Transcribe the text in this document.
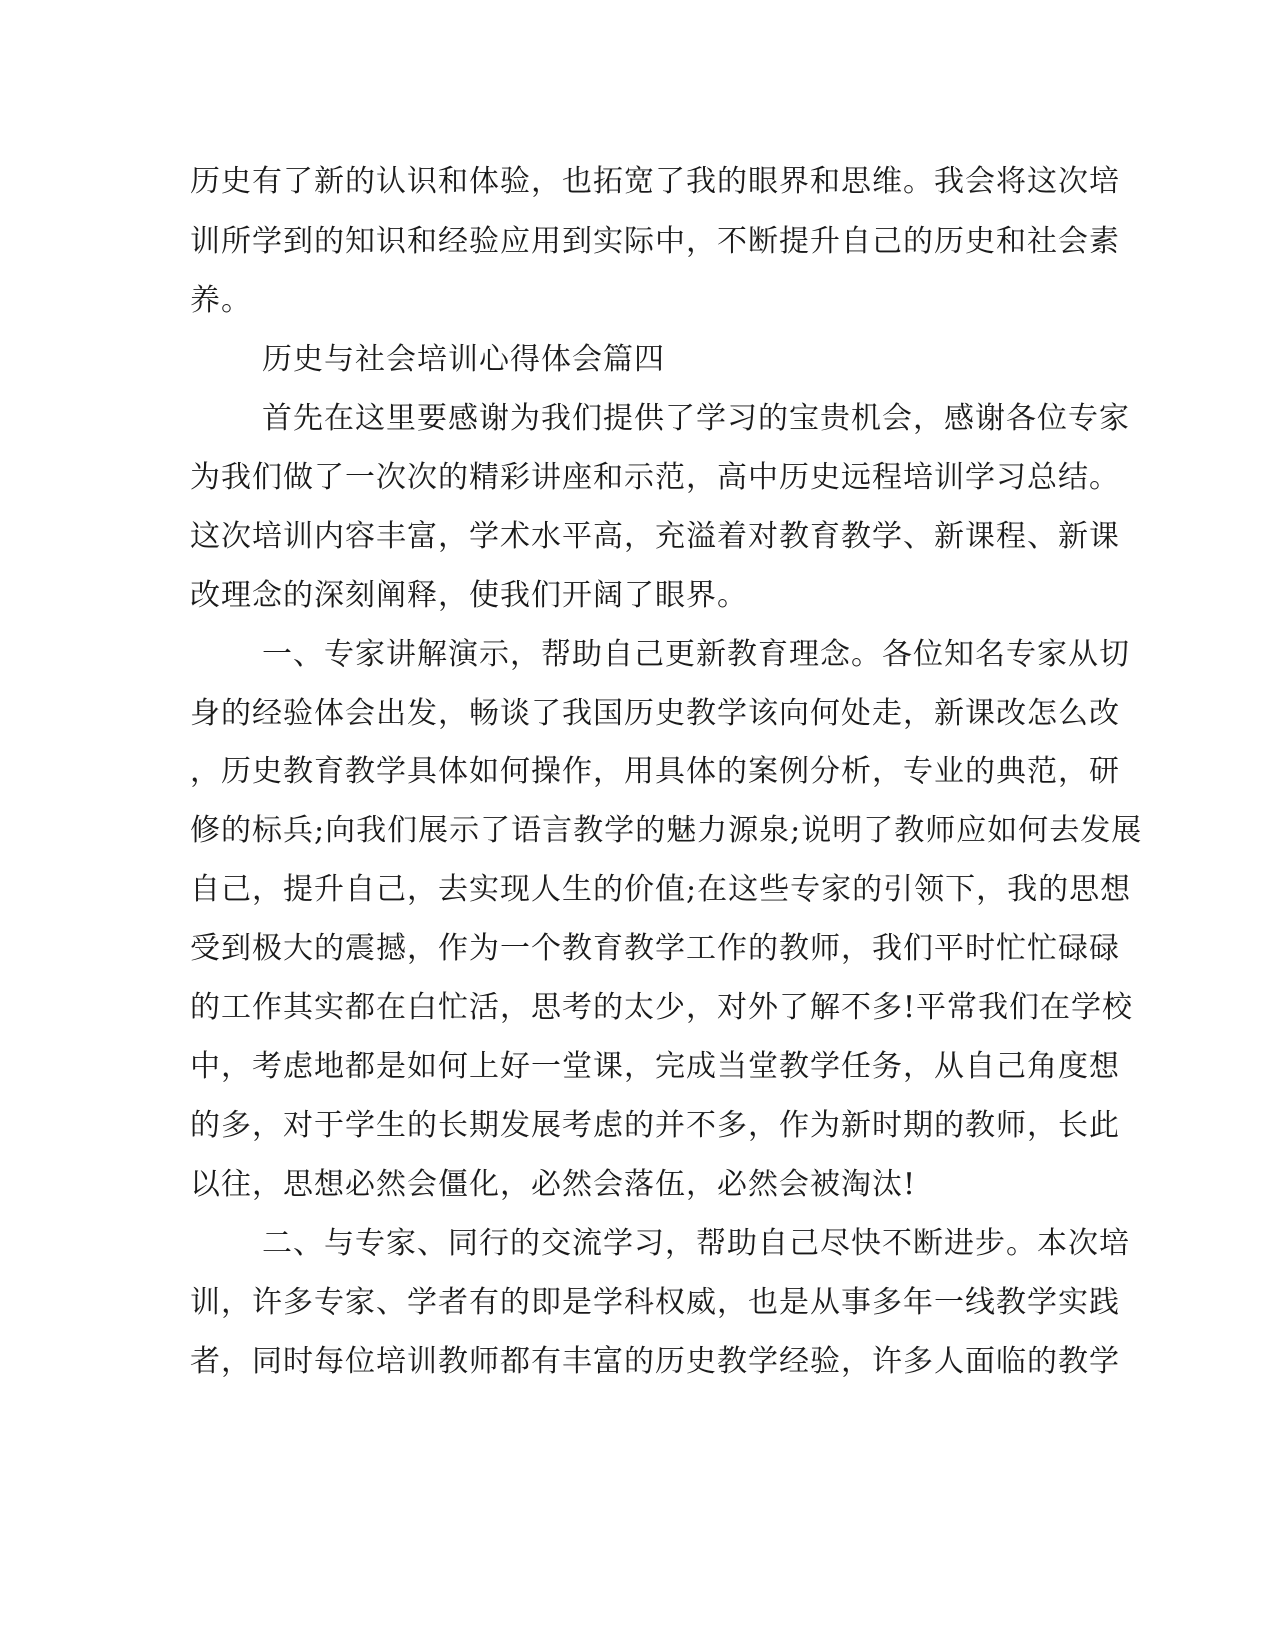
历史有了新的认识和体验，也拓宽了我的眼界和思维。我会将这次培

训所学到的知识和经验应用到实际中，不断提升自己的历史和社会素

养。

历史与社会培训心得体会篇四

首先在这里要感谢为我们提供了学习的宝贵机会，感谢各位专家

为我们做了一次次的精彩讲座和示范，高中历史远程培训学习总结。

这次培训内容丰富，学术水平高，充溢着对教育教学、新课程、新课

改理念的深刻阐释，使我们开阔了眼界。

一、专家讲解演示，帮助自己更新教育理念。各位知名专家从切

身的经验体会出发，畅谈了我国历史教学该向何处走，新课改怎么改

，历史教育教学具体如何操作，用具体的案例分析，专业的典范，研

修的标兵;向我们展示了语言教学的魅力源泉;说明了教师应如何去发展

自己，提升自己，去实现人生的价值;在这些专家的引领下，我的思想

受到极大的震撼，作为一个教育教学工作的教师，我们平时忙忙碌碌

的工作其实都在白忙活，思考的太少，对外了解不多!平常我们在学校

中，考虑地都是如何上好一堂课，完成当堂教学任务，从自己角度想

的多，对于学生的长期发展考虑的并不多，作为新时期的教师，长此

以往，思想必然会僵化，必然会落伍，必然会被淘汰!

二、与专家、同行的交流学习，帮助自己尽快不断进步。本次培

训，许多专家、学者有的即是学科权威，也是从事多年一线教学实践

者，同时每位培训教师都有丰富的历史教学经验，许多人面临的教学
